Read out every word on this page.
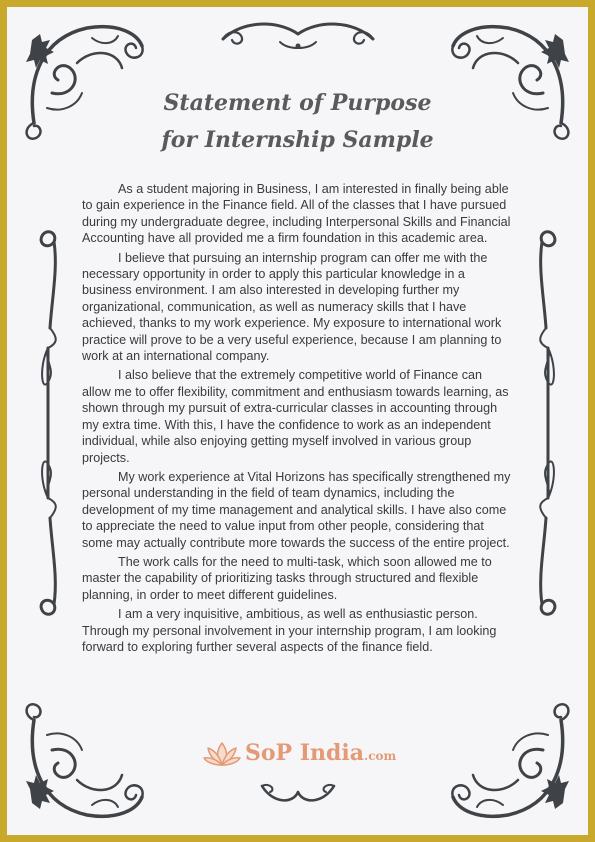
Statement of Purpose
for Internship Sample

As a student majoring in Business, I am interested in finally being able to gain experience in the Finance field. All of the classes that I have pursued during my undergraduate degree, including Interpersonal Skills and Financial Accounting have all provided me a firm foundation in this academic area.

I believe that pursuing an internship program can offer me with the necessary opportunity in order to apply this particular knowledge in a business environment. I am also interested in developing further my organizational, communication, as well as numeracy skills that I have achieved, thanks to my work experience. My exposure to international work practice will prove to be a very useful experience, because I am planning to work at an international company.

I also believe that the extremely competitive world of Finance can allow me to offer flexibility, commitment and enthusiasm towards learning, as shown through my pursuit of extra-curricular classes in accounting through my extra time. With this, I have the confidence to work as an independent individual, while also enjoying getting myself involved in various group projects.

My work experience at Vital Horizons has specifically strengthened my personal understanding in the field of team dynamics, including the development of my time management and analytical skills. I have also come to appreciate the need to value input from other people, considering that some may actually contribute more towards the success of the entire project.

The work calls for the need to multi-task, which soon allowed me to master the capability of prioritizing tasks through structured and flexible planning, in order to meet different guidelines.

I am a very inquisitive, ambitious, as well as enthusiastic person. Through my personal involvement in your internship program, I am looking forward to exploring further several aspects of the finance field.

SoP India.com
